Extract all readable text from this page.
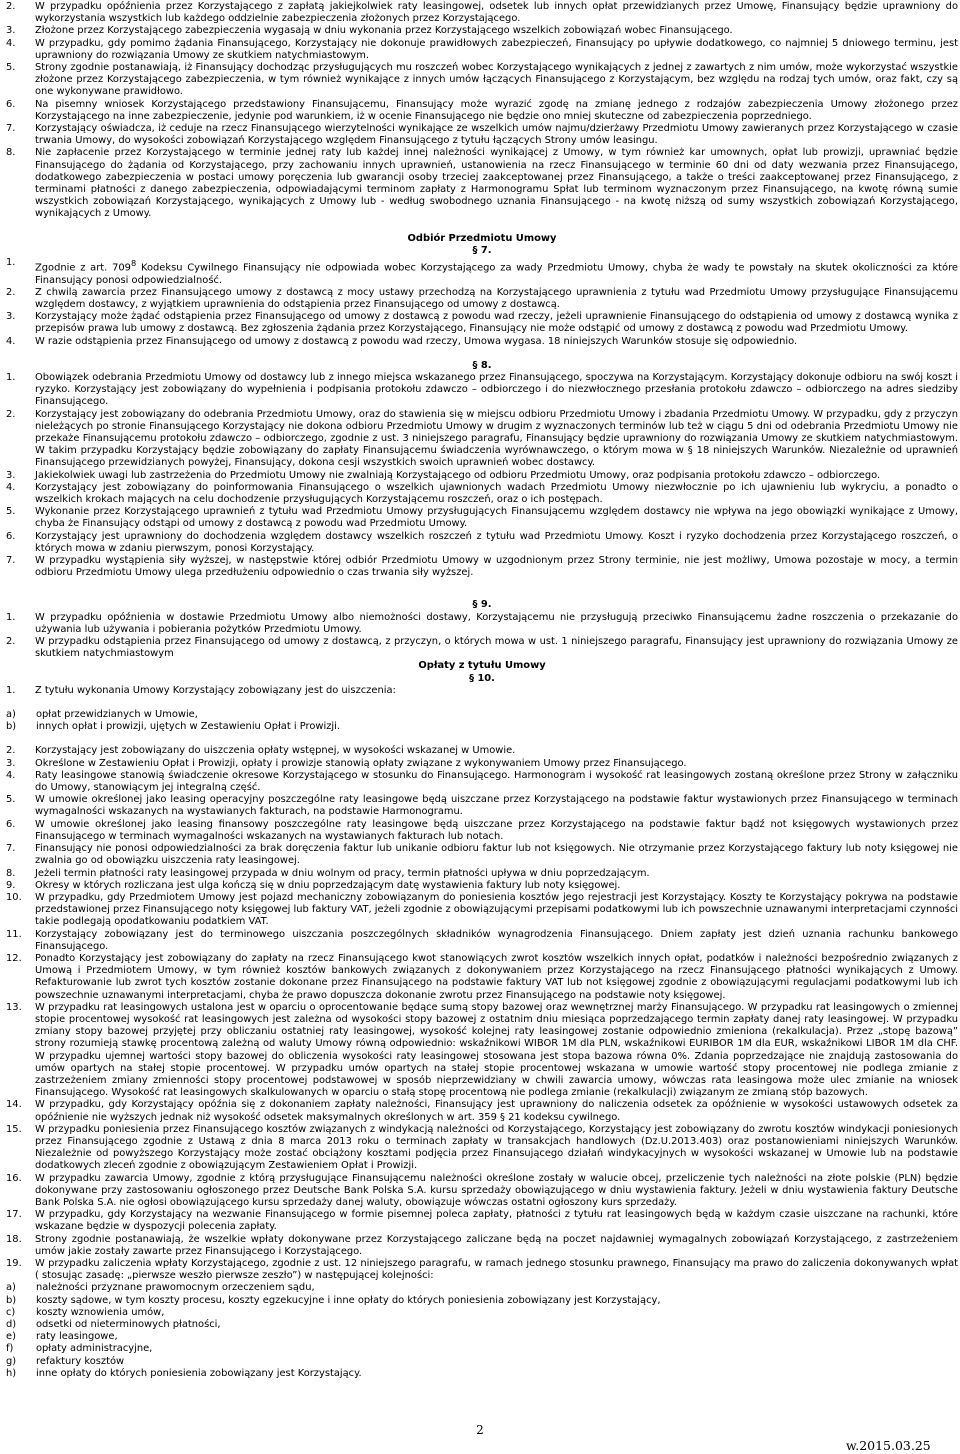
2.	W przypadku opóźnienia przez Korzystającego z zapłatą jakiejkolwiek raty leasingowej, odsetek lub innych opłat przewidzianych przez Umowę, Finansujący będzie uprawniony do wykorzystania wszystkich lub każdego oddzielnie zabezpieczenia złożonych przez Korzystającego.
3.	Złożone przez Korzystającego zabezpieczenia wygasają w dniu wykonania przez Korzystającego wszelkich zobowiązań wobec Finansującego.
4.	W przypadku, gdy pomimo żądania Finansującego, Korzystający nie dokonuje prawidłowych zabezpieczeń, Finansujący po upływie dodatkowego, co najmniej 5 dniowego terminu, jest uprawniony do rozwiązania Umowy ze skutkiem natychmiastowym.
5.	Strony zgodnie postanawiają, iż Finansujący dochodząc przysługujących mu roszczeń wobec Korzystającego wynikających z jednej z zawartych z nim umów, może wykorzystać wszystkie złożone przez Korzystającego zabezpieczenia, w tym również wynikające z innych umów łączących Finansującego z Korzystającym, bez względu na rodzaj tych umów, oraz fakt, czy są one wykonywane prawidłowo.
6.	Na pisemny wniosek Korzystającego przedstawiony Finansującemu, Finansujący może wyrazić zgodę na zmianę jednego z rodzajów zabezpieczenia Umowy złożonego przez Korzystającego na inne zabezpieczenie, jedynie pod warunkiem, iż w ocenie Finansującego nie będzie ono mniej skuteczne od zabezpieczenia poprzedniego.
7.	Korzystający oświadcza, iż ceduje na rzecz Finansującego wierzytelności wynikające ze wszelkich umów najmu/dzierżawy Przedmiotu Umowy zawieranych przez Korzystającego w czasie trwania Umowy, do wysokości zobowiązań Korzystającego względem Finansującego z tytułu łączących Strony umów leasingu.
8.	Nie zapłacenie przez Korzystającego w terminie jednej raty lub każdej innej należności wynikającej z Umowy, w tym również kar umownych, opłat lub prowizji, uprawniać będzie Finansującego do żądania od Korzystającego, przy zachowaniu innych uprawnień, ustanowienia na rzecz Finansującego w terminie 60 dni od daty wezwania przez Finansującego, dodatkowego zabezpieczenia w postaci umowy poręczenia lub gwarancji osoby trzeciej zaakceptowanej przez Finansującego, a także o treści zaakceptowanej przez Finansującego, z terminami płatności z danego zabezpieczenia, odpowiadającymi terminom zapłaty z Harmonogramu Spłat lub terminom wyznaczonym przez Finansującego, na kwotę równą sumie wszystkich zobowiązań Korzystającego, wynikających z Umowy lub - według swobodnego uznania Finansującego - na kwotę niższą od sumy wszystkich zobowiązań Korzystającego, wynikających z Umowy.
Odbiór Przedmiotu Umowy
§ 7.
1.	Zgodnie z art. $709^8$ Kodeksu Cywilnego Finansujący nie odpowiada wobec Korzystającego za wady Przedmiotu Umowy, chyba że wady te powstały na skutek okoliczności za które Finansujący ponosi odpowiedzialność.
2.	Z chwilą zawarcia przez Finansującego umowy z dostawcą z mocy ustawy przechodzą na Korzystającego uprawnienia z tytułu wad Przedmiotu Umowy przysługujące Finansującemu względem dostawcy, z wyjątkiem uprawnienia do odstąpienia przez Finansującego od umowy z dostawcą.
3.	Korzystający może żądać odstąpienia przez Finansującego od umowy z dostawcą z powodu wad rzeczy, jeżeli uprawnienie Finansującego do odstąpienia od umowy z dostawcą wynika z przepisów prawa lub umowy z dostawcą. Bez zgłoszenia żądania przez Korzystającego, Finansujący nie może odstąpić od umowy z dostawcą z powodu wad Przedmiotu Umowy.
4.	W razie odstąpienia przez Finansującego od umowy z dostawcą z powodu wad rzeczy, Umowa wygasa. 18 niniejszych Warunków stosuje się odpowiednio.
§ 8.
1.	Obowiązek odebrania Przedmiotu Umowy od dostawcy lub z innego miejsca wskazanego przez Finansującego, spoczywa na Korzystającym. Korzystający dokonuje odbioru na swój koszt i ryzyko. Korzystający jest zobowiązany do wypełnienia i podpisania protokołu zdawczo – odbiorczego i do niezwłocznego przesłania protokołu zdawczo – odbiorczego na adres siedziby Finansującego.
2.	Korzystający jest zobowiązany do odebrania Przedmiotu Umowy, oraz do stawienia się w miejscu odbioru Przedmiotu Umowy i zbadania Przedmiotu Umowy. W przypadku, gdy z przyczyn nieleżących po stronie Finansującego Korzystający nie dokona odbioru Przedmiotu Umowy w drugim z wyznaczonych terminów lub też w ciągu 5 dni od odebrania Przedmiotu Umowy nie przekaże Finansującemu protokołu zdawczo – odbiorczego, zgodnie z ust. 3 niniejszego paragrafu, Finansujący będzie uprawniony do rozwiązania Umowy ze skutkiem natychmiastowym. W takim przypadku Korzystający będzie zobowiązany do zapłaty Finansującemu świadczenia wyrównawczego, o którym mowa w § 18 niniejszych Warunków. Niezależnie od uprawnień Finansującego przewidzianych powyżej, Finansujący, dokona cesji wszystkich swoich uprawnień wobec dostawcy.
3.	Jakiekolwiek uwagi lub zastrzeżenia do Przedmiotu Umowy nie zwalniają Korzystającego od odbioru Przedmiotu Umowy, oraz podpisania protokołu zdawczo – odbiorczego.
4.	Korzystający jest zobowiązany do poinformowania Finansującego o wszelkich ujawnionych wadach Przedmiotu Umowy niezwłocznie po ich ujawnieniu lub wykryciu, a ponadto o wszelkich krokach mających na celu dochodzenie przysługujących Korzystającemu roszczeń, oraz o ich postępach.
5.	Wykonanie przez Korzystającego uprawnień z tytułu wad Przedmiotu Umowy przysługujących Finansującemu względem dostawcy nie wpływa na jego obowiązki wynikające z Umowy, chyba że Finansujący odstąpi od umowy z dostawcą z powodu wad Przedmiotu Umowy.
6.	Korzystający jest uprawniony do dochodzenia względem dostawcy wszelkich roszczeń z tytułu wad Przedmiotu Umowy. Koszt i ryzyko dochodzenia przez Korzystającego roszczeń, o których mowa w zdaniu pierwszym, ponosi Korzystający.
7.	W przypadku wystąpienia siły wyższej, w następstwie której odbiór Przedmiotu Umowy w uzgodnionym przez Strony terminie, nie jest możliwy, Umowa pozostaje w mocy, a termin odbioru Przedmiotu Umowy ulega przedłużeniu odpowiednio o czas trwania siły wyższej.
§ 9.
1.	W przypadku opóźnienia w dostawie Przedmiotu Umowy albo niemożności dostawy, Korzystającemu nie przysługują przeciwko Finansującemu żadne roszczenia o przekazanie do używania lub używania i pobierania pożytków Przedmiotu Umowy.
2.	W przypadku odstąpienia przez Finansującego od umowy z dostawcą, z przyczyn, o których mowa w ust. 1 niniejszego paragrafu, Finansujący jest uprawniony do rozwiązania Umowy ze skutkiem natychmiastowym
Opłaty z tytułu Umowy
§ 10.
1.	Z tytułu wykonania Umowy Korzystający zobowiązany jest do uiszczenia:
a)	opłat przewidzianych w Umowie,
b)	innych opłat i prowizji, ujętych w Zestawieniu Opłat i Prowizji.
2.	Korzystający jest zobowiązany do uiszczenia opłaty wstępnej, w wysokości wskazanej w Umowie.
3.	Określone w Zestawieniu Opłat i Prowizji, opłaty i prowizje stanowią opłaty związane z wykonywaniem Umowy przez Finansującego.
4.	Raty leasingowe stanowią świadczenie okresowe Korzystającego w stosunku do Finansującego. Harmonogram i wysokość rat leasingowych zostaną określone przez Strony w załączniku do Umowy, stanowiącym jej integralną część.
5.	W umowie określonej jako leasing operacyjny poszczególne raty leasingowe będą uiszczane przez Korzystającego na podstawie faktur wystawionych przez Finansującego w terminach wymagalności wskazanych na wystawianych fakturach, na podstawie Harmonogramu.
6.	W umowie określonej jako leasing finansowy poszczególne raty leasingowe będą uiszczane przez Korzystającego na podstawie faktur bądź not księgowych wystawionych przez Finansującego w terminach wymagalności wskazanych na wystawianych fakturach lub notach.
7.	Finansujący nie ponosi odpowiedzialności za brak doręczenia faktur lub unikanie odbioru faktur lub not księgowych. Nie otrzymanie przez Korzystającego faktury lub noty księgowej nie zwalnia go od obowiązku uiszczenia raty leasingowej.
8.	Jeżeli termin płatności raty leasingowej przypada w dniu wolnym od pracy, termin płatności upływa w dniu poprzedzającym.
9.	Okresy w których rozliczana jest ulga kończą się w dniu poprzedzającym datę wystawienia faktury lub noty księgowej.
10.	W przypadku, gdy Przedmiotem Umowy jest pojazd mechaniczny zobowiązanym do poniesienia kosztów jego rejestracji jest Korzystający. Koszty te Korzystający pokrywa na podstawie przedstawionej przez Finansującego noty księgowej lub faktury VAT, jeżeli zgodnie z obowiązującymi przepisami podatkowymi lub ich powszechnie uznawanymi interpretacjami czynności takie podlegają opodatkowaniu podatkiem VAT.
11.	Korzystający zobowiązany jest do terminowego uiszczania poszczególnych składników wynagrodzenia Finansującego. Dniem zapłaty jest dzień uznania rachunku bankowego Finansującego.
12.	Ponadto Korzystający jest zobowiązany do zapłaty na rzecz Finansującego kwot stanowiących zwrot kosztów wszelkich innych opłat, podatków i należności bezpośrednio związanych z Umową i Przedmiotem Umowy, w tym również kosztów bankowych związanych z dokonywaniem przez Korzystającego na rzecz Finansującego płatności wynikających z Umowy. Refakturowanie lub zwrot tych kosztów zostanie dokonane przez Finansującego na podstawie faktury VAT lub not księgowej zgodnie z obowiązującymi regulacjami podatkowymi lub ich powszechnie uznawanymi interpretacjami, chyba że prawo dopuszcza dokonanie zwrotu przez Finansującego na podstawie noty księgowej.
13.	W przypadku rat leasingowych ustalona jest w oparciu o oprocentowanie będące sumą stopy bazowej oraz wewnętrznej marży Finansującego. W przypadku rat leasingowych o zmiennej stopie procentowej wysokość rat leasingowych jest zależna od wysokości stopy bazowej z ostatnim dniu miesiąca poprzedzającego termin zapłaty danej raty leasingowej. W przypadku zmiany stopy bazowej przyjętej przy obliczaniu ostatniej raty leasingowej, wysokość kolejnej raty leasingowej zostanie odpowiednio zmieniona (rekalkulacja). Przez „stopę bazową” strony rozumieją stawkę procentową zależną od waluty Umowy równą odpowiednio: wskaźnikowi WIBOR 1M dla PLN, wskaźnikowi EURIBOR 1M dla EUR, wskaźnikowi LIBOR 1M dla CHF. W przypadku ujemnej wartości stopy bazowej do obliczenia wysokości raty leasingowej stosowana jest stopa bazowa równa 0%. Zdania poprzedzające nie znajdują zastosowania do umów opartych na stałej stopie procentowej. W przypadku umów opartych na stałej stopie procentowej wskazana w umowie wartość stopy procentowej nie podlega zmianie z zastrzeżeniem zmiany zmienności stopy procentowej podstawowej w sposób nieprzewidziany w chwili zawarcia umowy, wówczas rata leasingowa może ulec zmianie na wniosek Finansującego. Wysokość rat leasingowych skalkulowanych w oparciu o stałą stopę procentową nie podlega zmianie (rekalkulacji) związanym ze zmianą stóp bazowych.
14.	W przypadku, gdy Korzystający opóźnia się z dokonaniem zapłaty należności, Finansujący jest uprawniony do naliczenia odsetek za opóźnienie w wysokości ustawowych odsetek za opóźnienie nie wyższych jednak niż wysokość odsetek maksymalnych określonych w art. 359 § 21 kodeksu cywilnego.
15.	W przypadku poniesienia przez Finansującego kosztów związanych z windykacją należności od Korzystającego, Korzystający jest zobowiązany do zwrotu kosztów windykacji poniesionych przez Finansującego zgodnie z Ustawą z dnia 8 marca 2013 roku o terminach zapłaty w transakcjach handlowych (Dz.U.2013.403) oraz postanowieniami niniejszych Warunków. Niezależnie od powyższego Korzystający może zostać obciążony kosztami podjęcia przez Finansującego działań windykacyjnych w wysokości wskazanej w Umowie lub na podstawie dodatkowych zleceń zgodnie z obowiązującym Zestawieniem Opłat i Prowizji.
16.	W przypadku zawarcia Umowy, zgodnie z którą przysługujące Finansującemu należności określone zostały w walucie obcej, przeliczenie tych należności na złote polskie (PLN) będzie dokonywane przy zastosowaniu ogłoszonego przez Deutsche Bank Polska S.A. kursu sprzedaży obowiązującego w dniu wystawienia faktury. Jeżeli w dniu wystawienia faktury Deutsche Bank Polska S.A. nie ogłosi obowiązującego kursu sprzedaży danej waluty, obowiązuje wówczas ostatni ogłoszony kurs sprzedaży.
17.	W przypadku, gdy Korzystający na wezwanie Finansującego w formie pisemnej poleca zapłaty, płatności z tytułu rat leasingowych będą w każdym czasie uiszczane na rachunki, które wskazane będzie w dyspozycji polecenia zapłaty.
18.	Strony zgodnie postanawiają, że wszelkie wpłaty dokonywane przez Korzystającego zaliczane będą na poczet najdawniej wymagalnych zobowiązań Korzystającego, z zastrzeżeniem umów jakie zostały zawarte przez Finansującego i Korzystającego.
19.	W przypadku zaliczenia wpłaty Korzystającego, zgodnie z ust. 12 niniejszego paragrafu, w ramach jednego stosunku prawnego, Finansujący ma prawo do zaliczenia dokonywanych wpłat ( stosując zasadę: „pierwsze weszło pierwsze zeszło”) w następującej kolejności:
a)	należności przyznane prawomocnym orzeczeniem sądu,
b)	koszty sądowe, w tym koszty procesu, koszty egzekucyjne i inne opłaty do których poniesienia zobowiązany jest Korzystający,
c)	koszty wznowienia umów,
d)	odsetki od nieterminowych płatności,
e)	raty leasingowe,
f)	opłaty administracyjne,
g)	refaktury kosztów
h)	inne opłaty do których poniesienia zobowiązany jest Korzystający.
2
w.2015.03.25
